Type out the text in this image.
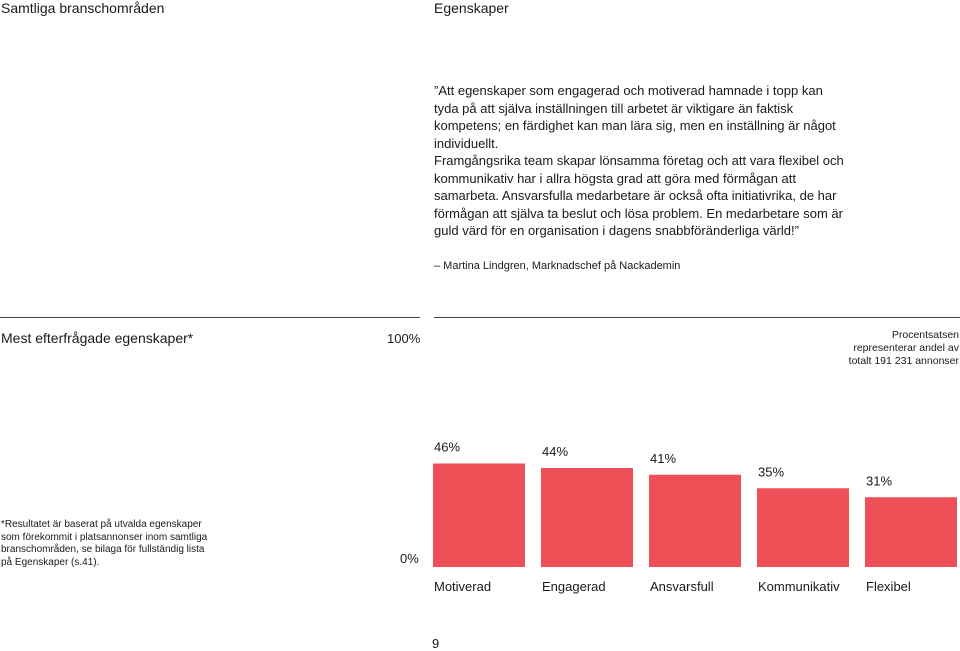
Samtliga branschområden	Egenskaper

”Att egenskaper som engagerad och motiverad hamnade i topp kan tyda på att själva inställningen till arbetet är viktigare än faktisk kompetens; en färdighet kan man lära sig, men en inställning är något individuellt.

Framgångsrika team skapar lönsamma företag och att vara flexibel och kommunikativ har i allra högsta grad att göra med förmågan att samarbeta. Ansvarsfulla medarbetare är också ofta initiativrika, de har förmågan att själva ta beslut och lösa problem. En medarbetare som är guld värd för en organisation i dagens snabbföränderliga värld!”

– Martina Lindgren, Marknadschef på Nackademin
Mest efterfrågade egenskaper*	100%
0%
Procentsatsen representerar andel av totalt 191 231 annonser
*Resultatet är baserat på utvalda egenskaper som förekommit i platsannonser inom samtliga branschområden, se bilaga för fullständig lista på Egenskaper (s.41).
46%
Motiverad
44%
Engagerad
41%
Ansvarsfull
35%
Kommunikativ
31%
Flexibel
9
